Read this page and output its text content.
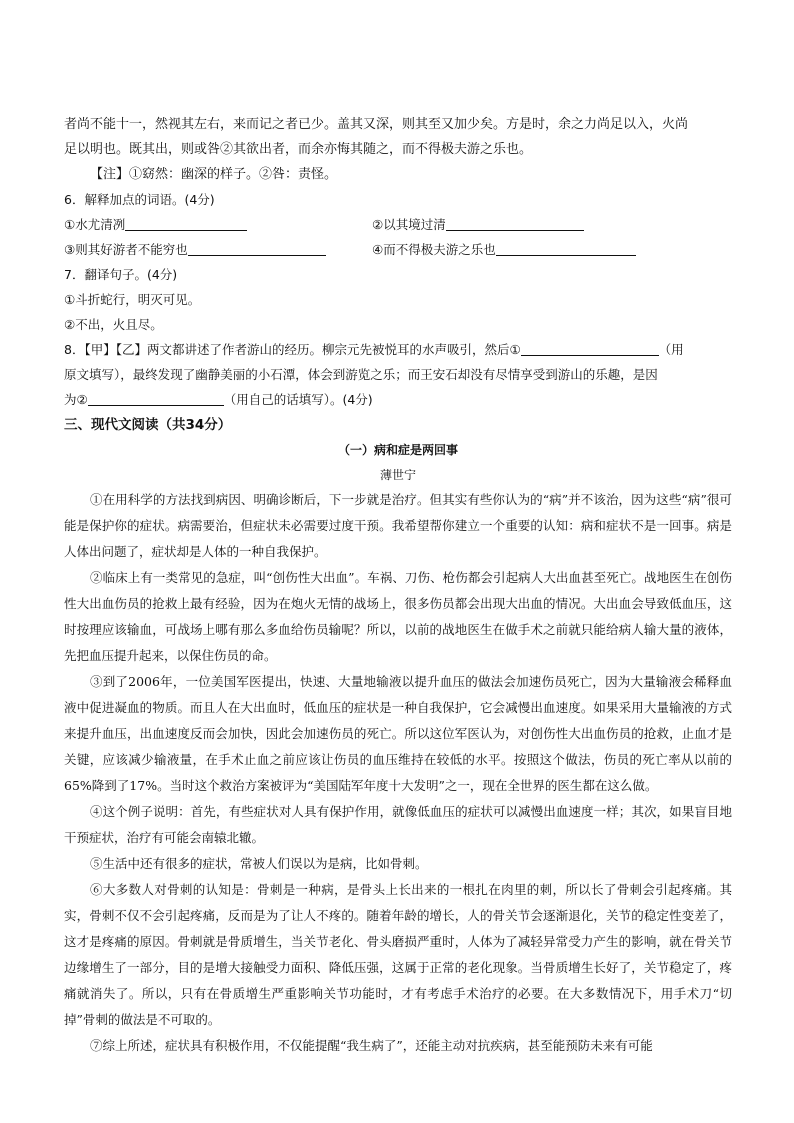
者尚不能十一，然视其左右，来而记之者已少。盖其又深，则其至又加少矣。方是时，余之力尚足以入，火尚

足以明也。既其出，则或咎②其欲出者，而余亦悔其随之，而不得极夫游之乐也。

【注】①窈然：幽深的样子。②咎：责怪。

6．解释加点的词语。(4分)

①水尤清冽	②以其境过清
③则其好游者不能穷也	④而不得极夫游之乐也

7．翻译句子。(4分)

①斗折蛇行，明灭可见。

②不出，火且尽。

8．【甲】【乙】两文都讲述了作者游山的经历。柳宗元先被悦耳的水声吸引，然后①	（用

原文填写），最终发现了幽静美丽的小石潭，体会到游览之乐；而王安石却没有尽情享受到游山的乐趣，是因

为②	（用自己的话填写）。(4分)

三、现代文阅读（共34分）

（一）病和症是两回事

薄世宁

①在用科学的方法找到病因、明确诊断后，下一步就是治疗。但其实有些你认为的“病”并不该治，因为这些“病”很可能是保护你的症状。病需要治，但症状未必需要过度干预。我希望帮你建立一个重要的认知：病和症状不是一回事。病是人体出问题了，症状却是人体的一种自我保护。

②临床上有一类常见的急症，叫“创伤性大出血”。车祸、刀伤、枪伤都会引起病人大出血甚至死亡。战地医生在创伤性大出血伤员的抢救上最有经验，因为在炮火无情的战场上，很多伤员都会出现大出血的情况。大出血会导致低血压，这时按理应该输血，可战场上哪有那么多血给伤员输呢？所以，以前的战地医生在做手术之前就只能给病人输大量的液体，先把血压提升起来，以保住伤员的命。

③到了2006年，一位美国军医提出，快速、大量地输液以提升血压的做法会加速伤员死亡，因为大量输液会稀释血液中促进凝血的物质。而且人在大出血时，低血压的症状是一种自我保护，它会减慢出血速度。如果采用大量输液的方式来提升血压，出血速度反而会加快，因此会加速伤员的死亡。所以这位军医认为，对创伤性大出血伤员的抢救，止血才是关键，应该减少输液量，在手术止血之前应该让伤员的血压维持在较低的水平。按照这个做法，伤员的死亡率从以前的65%降到了17%。当时这个救治方案被评为“美国陆军年度十大发明”之一，现在全世界的医生都在这么做。

④这个例子说明：首先，有些症状对人具有保护作用，就像低血压的症状可以减慢出血速度一样；其次，如果盲目地干预症状，治疗有可能会南辕北辙。

⑤生活中还有很多的症状，常被人们误以为是病，比如骨刺。

⑥大多数人对骨刺的认知是：骨刺是一种病，是骨头上长出来的一根扎在肉里的刺，所以长了骨刺会引起疼痛。其实，骨刺不仅不会引起疼痛，反而是为了让人不疼的。随着年龄的增长，人的骨关节会逐渐退化，关节的稳定性变差了，这才是疼痛的原因。骨刺就是骨质增生，当关节老化、骨头磨损严重时，人体为了减轻异常受力产生的影响，就在骨关节边缘增生了一部分，目的是增大接触受力面积、降低压强，这属于正常的老化现象。当骨质增生长好了，关节稳定了，疼痛就消失了。所以，只有在骨质增生严重影响关节功能时，才有考虑手术治疗的必要。在大多数情况下，用手术刀“切掉”骨刺的做法是不可取的。

⑦综上所述，症状具有积极作用，不仅能提醒“我生病了”，还能主动对抗疾病，甚至能预防未来有可能
